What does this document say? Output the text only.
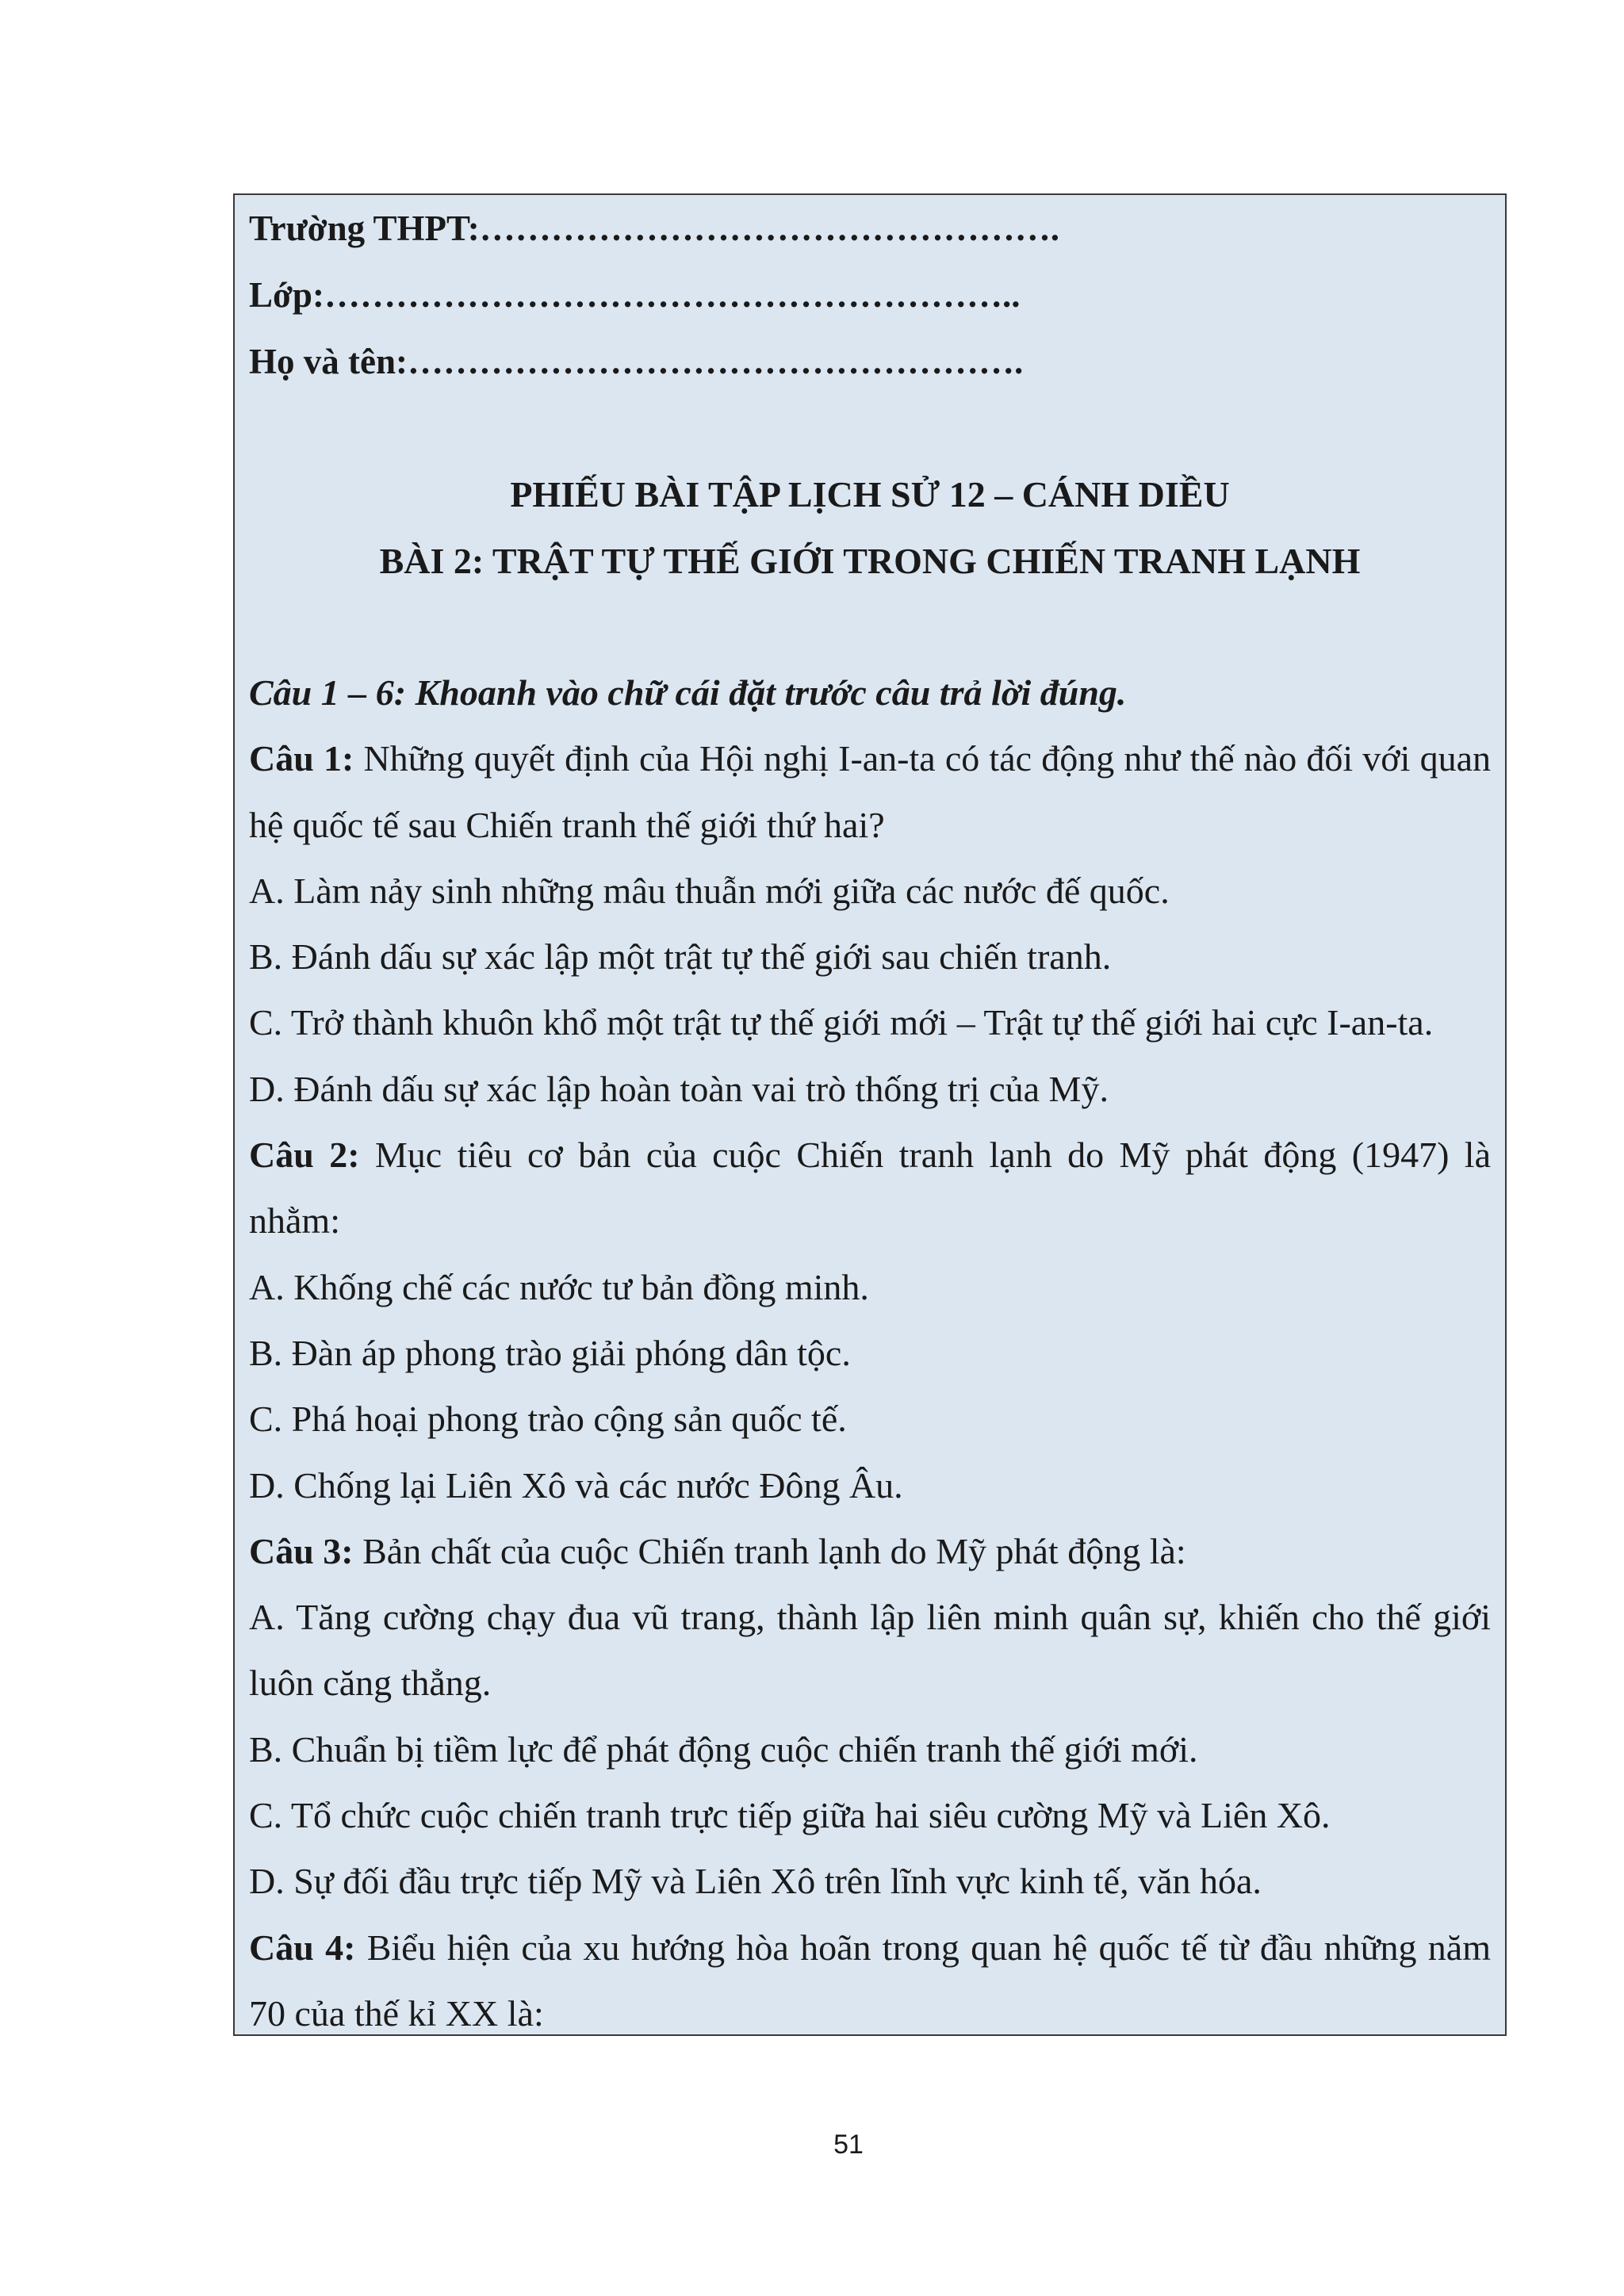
Trường THPT:………………………………………….
Lớp:…………………………………………………..
Họ và tên:…………………………………………….
PHIẾU BÀI TẬP LỊCH SỬ 12 – CÁNH DIỀU
BÀI 2: TRẬT TỰ THẾ GIỚI TRONG CHIẾN TRANH LẠNH
Câu 1 – 6: Khoanh vào chữ cái đặt trước câu trả lời đúng.
Câu 1: Những quyết định của Hội nghị I-an-ta có tác động như thế nào đối với quan hệ quốc tế sau Chiến tranh thế giới thứ hai?
A. Làm nảy sinh những mâu thuẫn mới giữa các nước đế quốc.
B. Đánh dấu sự xác lập một trật tự thế giới sau chiến tranh.
C. Trở thành khuôn khổ một trật tự thế giới mới – Trật tự thế giới hai cực I-an-ta.
D. Đánh dấu sự xác lập hoàn toàn vai trò thống trị của Mỹ.
Câu 2: Mục tiêu cơ bản của cuộc Chiến tranh lạnh do Mỹ phát động (1947) là nhằm:
A. Khống chế các nước tư bản đồng minh.
B. Đàn áp phong trào giải phóng dân tộc.
C. Phá hoại phong trào cộng sản quốc tế.
D. Chống lại Liên Xô và các nước Đông Âu.
Câu 3: Bản chất của cuộc Chiến tranh lạnh do Mỹ phát động là:
A. Tăng cường chạy đua vũ trang, thành lập liên minh quân sự, khiến cho thế giới luôn căng thẳng.
B. Chuẩn bị tiềm lực để phát động cuộc chiến tranh thế giới mới.
C. Tổ chức cuộc chiến tranh trực tiếp giữa hai siêu cường Mỹ và Liên Xô.
D. Sự đối đầu trực tiếp Mỹ và Liên Xô trên lĩnh vực kinh tế, văn hóa.
Câu 4: Biểu hiện của xu hướng hòa hoãn trong quan hệ quốc tế từ đầu những năm 70 của thế kỉ XX là:
51
